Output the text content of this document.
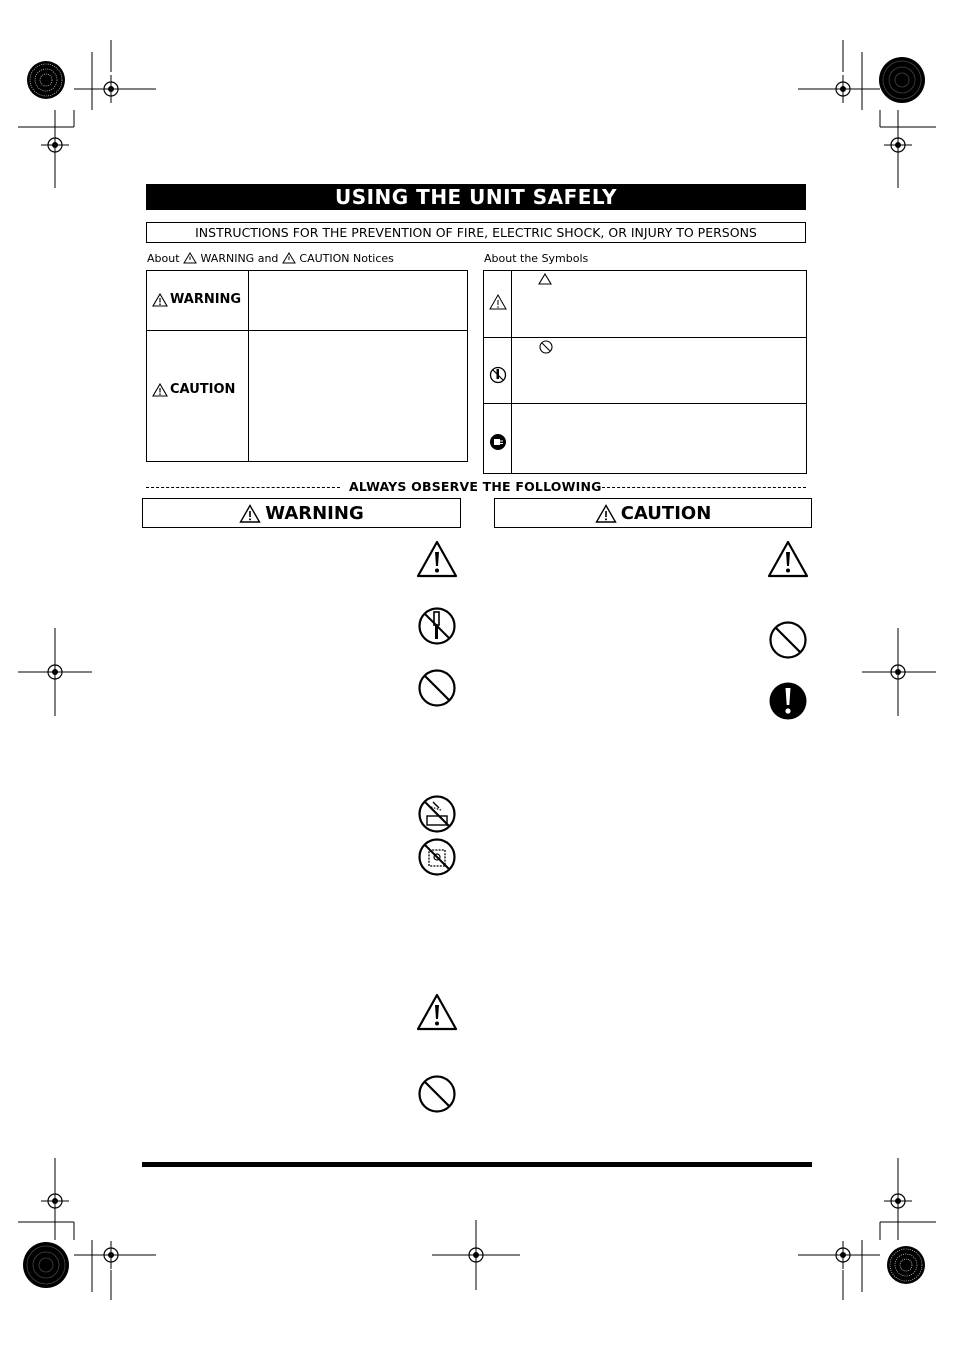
USING THE UNIT SAFELY
INSTRUCTIONS FOR THE PREVENTION OF FIRE, ELECTRIC SHOCK, OR INJURY TO PERSONS
About WARNING and CAUTION Notices
WARNING
CAUTION
About the Symbols
ALWAYS OBSERVE THE FOLLOWING
WARNING	CAUTION
